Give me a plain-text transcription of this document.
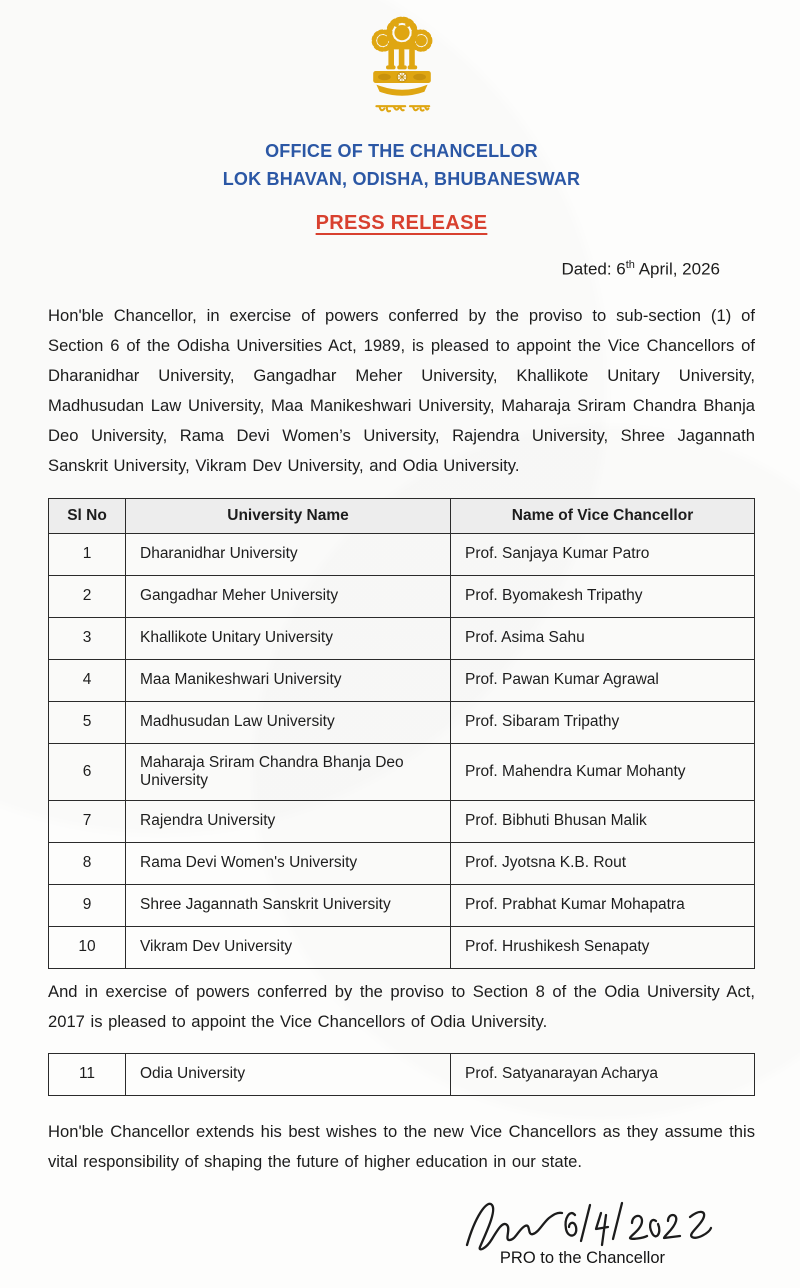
OFFICE OF THE CHANCELLOR
LOK BHAVAN, ODISHA, BHUBANESWAR
PRESS RELEASE
Dated: 6th April, 2026
Hon'ble Chancellor, in exercise of powers conferred by the proviso to sub-section (1) of Section 6 of the Odisha Universities Act, 1989, is pleased to appoint the Vice Chancellors of Dharanidhar University, Gangadhar Meher University, Khallikote Unitary University, Madhusudan Law University, Maa Manikeshwari University, Maharaja Sriram Chandra Bhanja Deo University, Rama Devi Women’s University, Rajendra University, Shree Jagannath Sanskrit University, Vikram Dev University, and Odia University.
Sl No	University Name	Name of Vice Chancellor
1	Dharanidhar University	Prof. Sanjaya Kumar Patro
2	Gangadhar Meher University	Prof. Byomakesh Tripathy
3	Khallikote Unitary University	Prof. Asima Sahu
4	Maa Manikeshwari University	Prof. Pawan Kumar Agrawal
5	Madhusudan Law University	Prof. Sibaram Tripathy
6	Maharaja Sriram Chandra Bhanja Deo University	Prof. Mahendra Kumar Mohanty
7	Rajendra University	Prof. Bibhuti Bhusan Malik
8	Rama Devi Women's University	Prof. Jyotsna K.B. Rout
9	Shree Jagannath Sanskrit University	Prof. Prabhat Kumar Mohapatra
10	Vikram Dev University	Prof. Hrushikesh Senapaty
And in exercise of powers conferred by the proviso to Section 8 of the Odia University Act, 2017 is pleased to appoint the Vice Chancellors of Odia University.
11	Odia University	Prof. Satyanarayan Acharya
Hon'ble Chancellor extends his best wishes to the new Vice Chancellors as they assume this vital responsibility of shaping the future of higher education in our state.
PRO to the Chancellor
